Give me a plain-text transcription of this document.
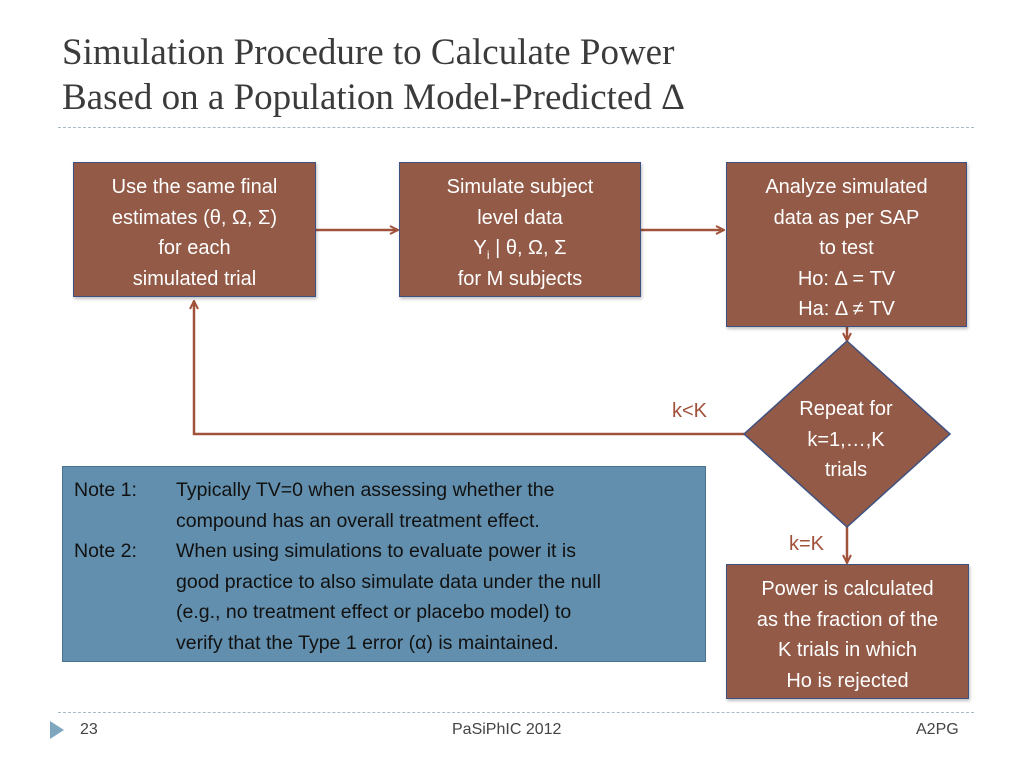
Simulation Procedure to Calculate Power
Based on a Population Model-Predicted Δ
Use the same final
estimates (θ, Ω, Σ)
for each
simulated trial
Simulate subject
level data
$Y_i$ | θ, Ω, Σ
for M subjects
Analyze simulated
data as per SAP
to test
Ho: Δ = TV
Ha: Δ ≠ TV
Repeat for
k=1,…,K
trials
k<K
k=K
Power is calculated
as the fraction of the
K trials in which
Ho is rejected
Note 1: Typically TV=0 when assessing whether the
compound has an overall treatment effect.
Note 2: When using simulations to evaluate power it is
good practice to also simulate data under the null
(e.g., no treatment effect or placebo model) to
verify that the Type 1 error (α) is maintained.
23	PaSiPhIC 2012	A2PG
